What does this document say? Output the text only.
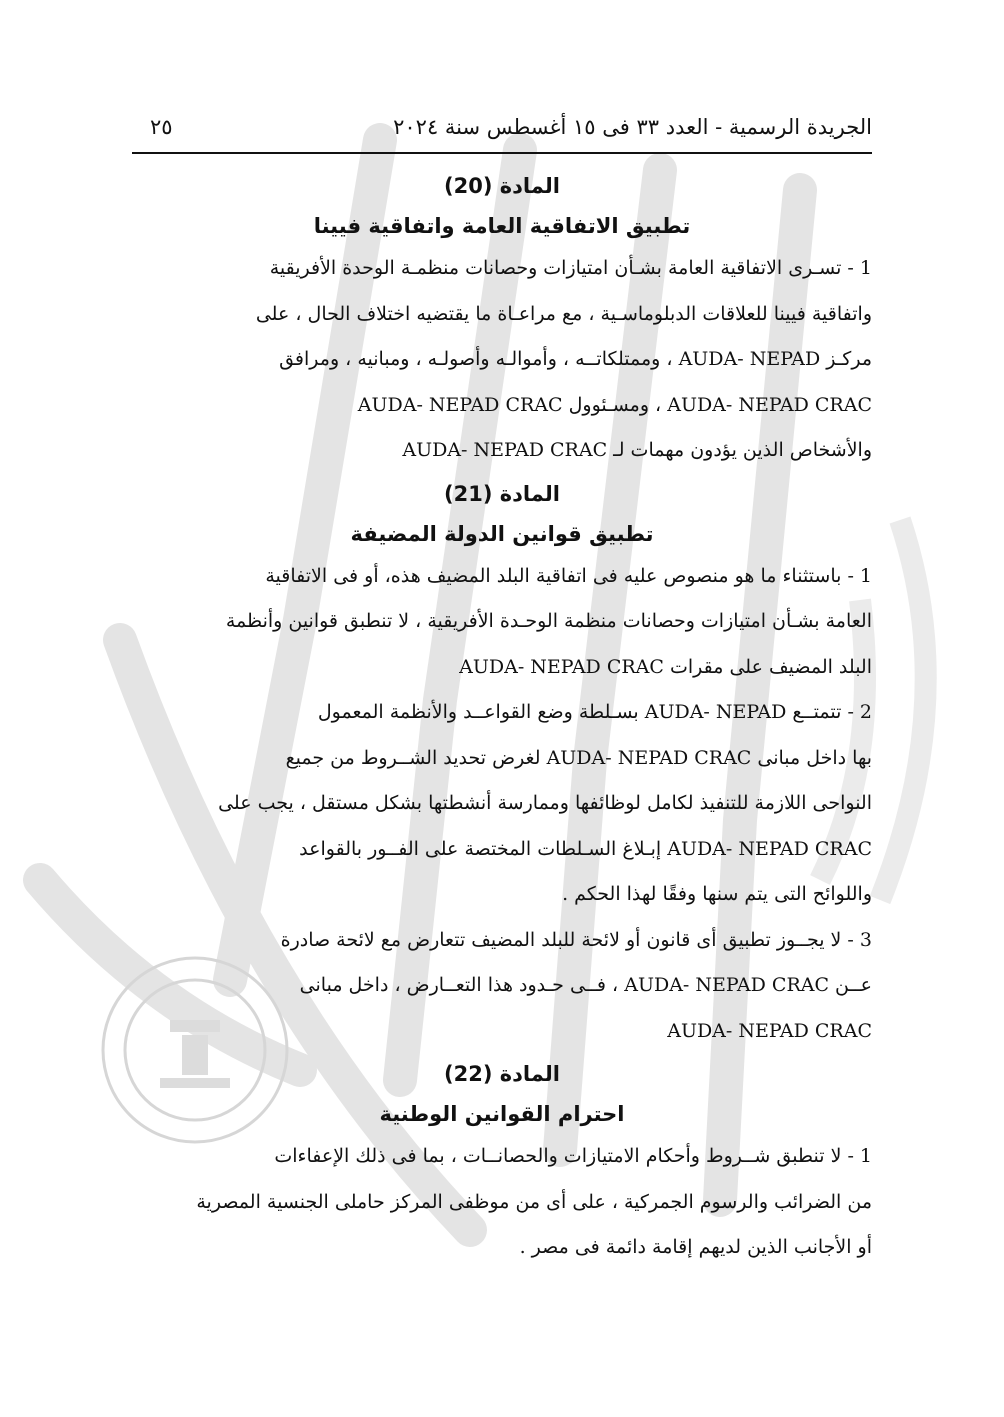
الجريدة الرسمية - العدد ٣٣ فى ١٥ أغسطس سنة ٢٠٢٤
٢٥
المادة (20)
تطبيق الاتفاقية العامة واتفاقية فيينا

1 - تسـرى الاتفاقية العامة بشـأن امتيازات وحصانات منظمـة الوحدة الأفريقية
واتفاقية فيينا للعلاقات الدبلوماسـية ، مع مراعـاة ما يقتضيه اختلاف الحال ، على
مركـز AUDA- NEPAD ، وممتلكاتــه ، وأموالـه وأصولـه ، ومبانيه ، ومرافق
AUDA- NEPAD CRAC ، ومسـئوول AUDA- NEPAD CRAC
والأشخاص الذين يؤدون مهمات لـ AUDA- NEPAD CRAC

المادة (21)
تطبيق قوانين الدولة المضيفة

1 - باستثناء ما هو منصوص عليه فى اتفاقية البلد المضيف هذه، أو فى الاتفاقية
العامة بشـأن امتيازات وحصانات منظمة الوحـدة الأفريقية ، لا تنطبق قوانين وأنظمة
البلد المضيف على مقرات AUDA- NEPAD CRAC
2 - تتمتــع AUDA- NEPAD بسـلطة وضع القواعــد والأنظمة المعمول
بها داخل مبانى AUDA- NEPAD CRAC لغرض تحديد الشــروط من جميع
النواحى اللازمة للتنفيذ لكامل لوظائفها وممارسة أنشطتها بشكل مستقل ، يجب على
AUDA- NEPAD CRAC إبـلاغ السـلطات المختصة على الفــور بالقواعد
واللوائح التى يتم سنها وفقًا لهذا الحكم .
3 - لا يجــوز تطبيق أى قانون أو لائحة للبلد المضيف تتعارض مع لائحة صادرة
عــن AUDA- NEPAD CRAC ، فــى حـدود هذا التعــارض ، داخل مبانى
AUDA- NEPAD CRAC

المادة (22)
احترام القوانين الوطنية

1 - لا تنطبق شــروط وأحكام الامتيازات والحصانــات ، بما فى ذلك الإعفاءات
من الضرائب والرسوم الجمركية ، على أى من موظفى المركز حاملى الجنسية المصرية
أو الأجانب الذين لديهم إقامة دائمة فى مصر .
